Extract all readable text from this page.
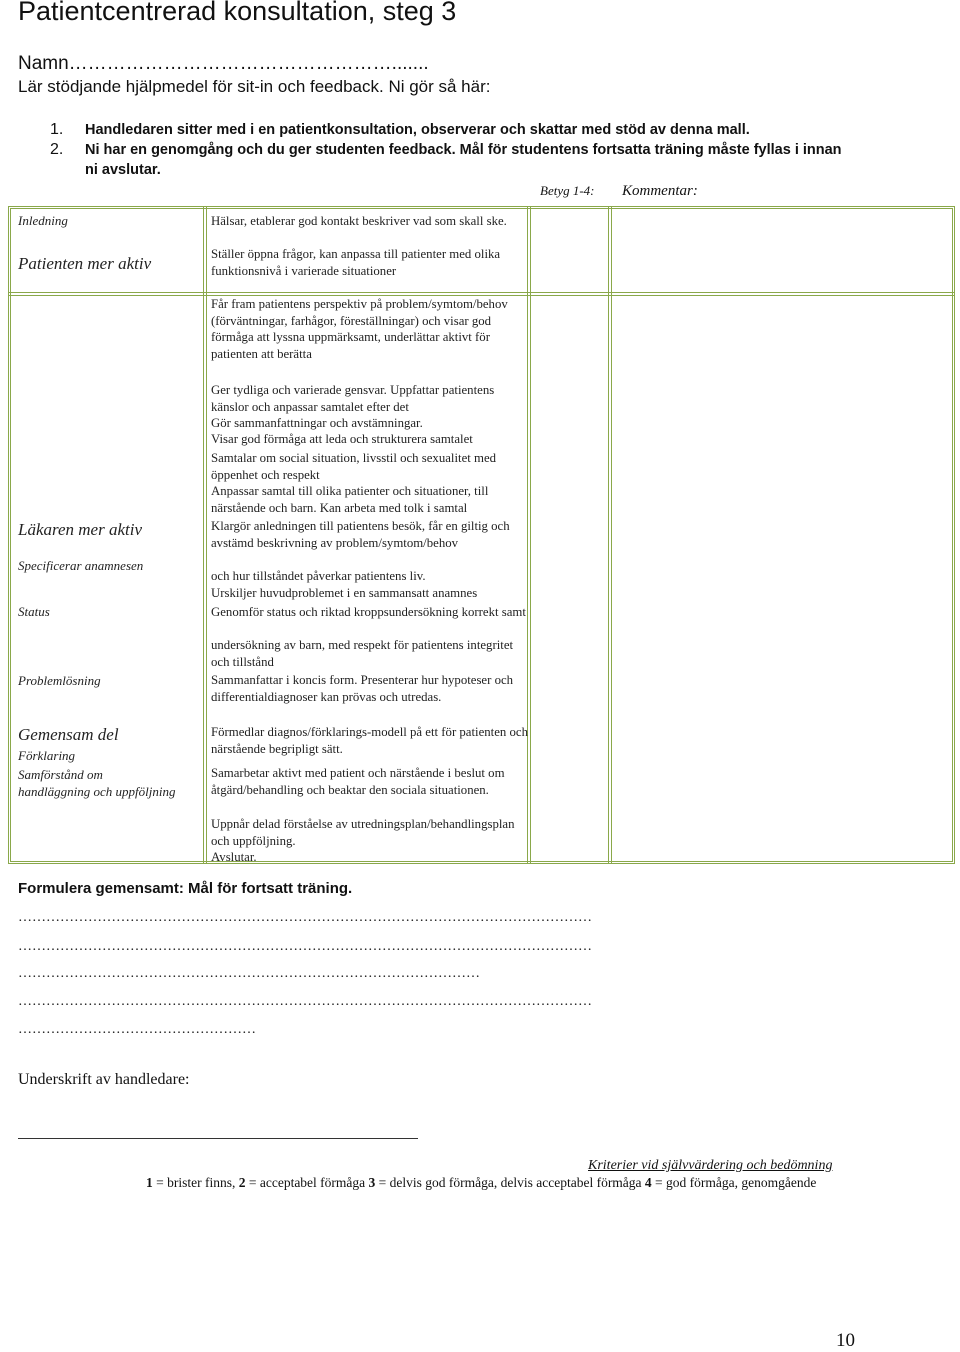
Patientcentrerad konsultation, steg 3
Namn…………………………………………….......
Lär stödjande hjälpmedel för sit-in och feedback. Ni gör så här:
1. Handledaren sitter med i en patientkonsultation, observerar och skattar med stöd av denna mall.
2. Ni har en genomgång och du ger studenten feedback. Mål för studentens fortsatta träning måste fyllas i innan ni avslutar.
Betyg 1-4: Kommentar:
Inledning
Patienten mer aktiv
Läkaren mer aktiv
Specificerar anamnesen
Status
Problemlösning
Gemensam del
Förklaring
Samförstånd om handläggning och uppföljning
Hälsar, etablerar god kontakt beskriver vad som skall ske.
Ställer öppna frågor, kan anpassa till patienter med olika funktionsnivå i varierade situationer
Får fram patientens perspektiv på problem/symtom/behov (förväntningar, farhågor, föreställningar) och visar god förmåga att lyssna uppmärksamt, underlättar aktivt för patienten att berätta
Ger tydliga och varierade gensvar. Uppfattar patientens känslor och anpassar samtalet efter det
Gör sammanfattningar och avstämningar.
Visar god förmåga att leda och strukturera samtalet
Samtalar om social situation, livsstil och sexualitet med öppenhet och respekt
Anpassar samtal till olika patienter och situationer, till närstående och barn. Kan arbeta med tolk i samtal
Klargör anledningen till patientens besök, får en giltig och avstämd beskrivning av problem/symtom/behov
och hur tillståndet påverkar patientens liv.
Urskiljer huvudproblemet i en sammansatt anamnes
Genomför status och riktad kroppsundersökning korrekt samt
undersökning av barn, med respekt för patientens integritet och tillstånd
Sammanfattar i koncis form. Presenterar hur hypoteser och differentialdiagnoser kan prövas och utredas.
Förmedlar diagnos/förklarings-modell på ett för patienten och närstående begripligt sätt.
Samarbetar aktivt med patient och närstående i beslut om åtgärd/behandling och beaktar den sociala situationen.
Uppnår delad förståelse av utredningsplan/behandlingsplan och uppföljning.
Avslutar.
Formulera gemensamt: Mål för fortsatt träning.
……………………………………………………………………………………………………………
……………………………………………………………………………………………………………
………………………………………………………………………………………
……………………………………………………………………………………………………………
……………………………………………
Underskrift av handledare:
Kriterier vid självvärdering och bedömning
1 = brister finns, 2 = acceptabel förmåga 3 = delvis god förmåga, delvis acceptabel förmåga 4 = god förmåga, genomgående
10
